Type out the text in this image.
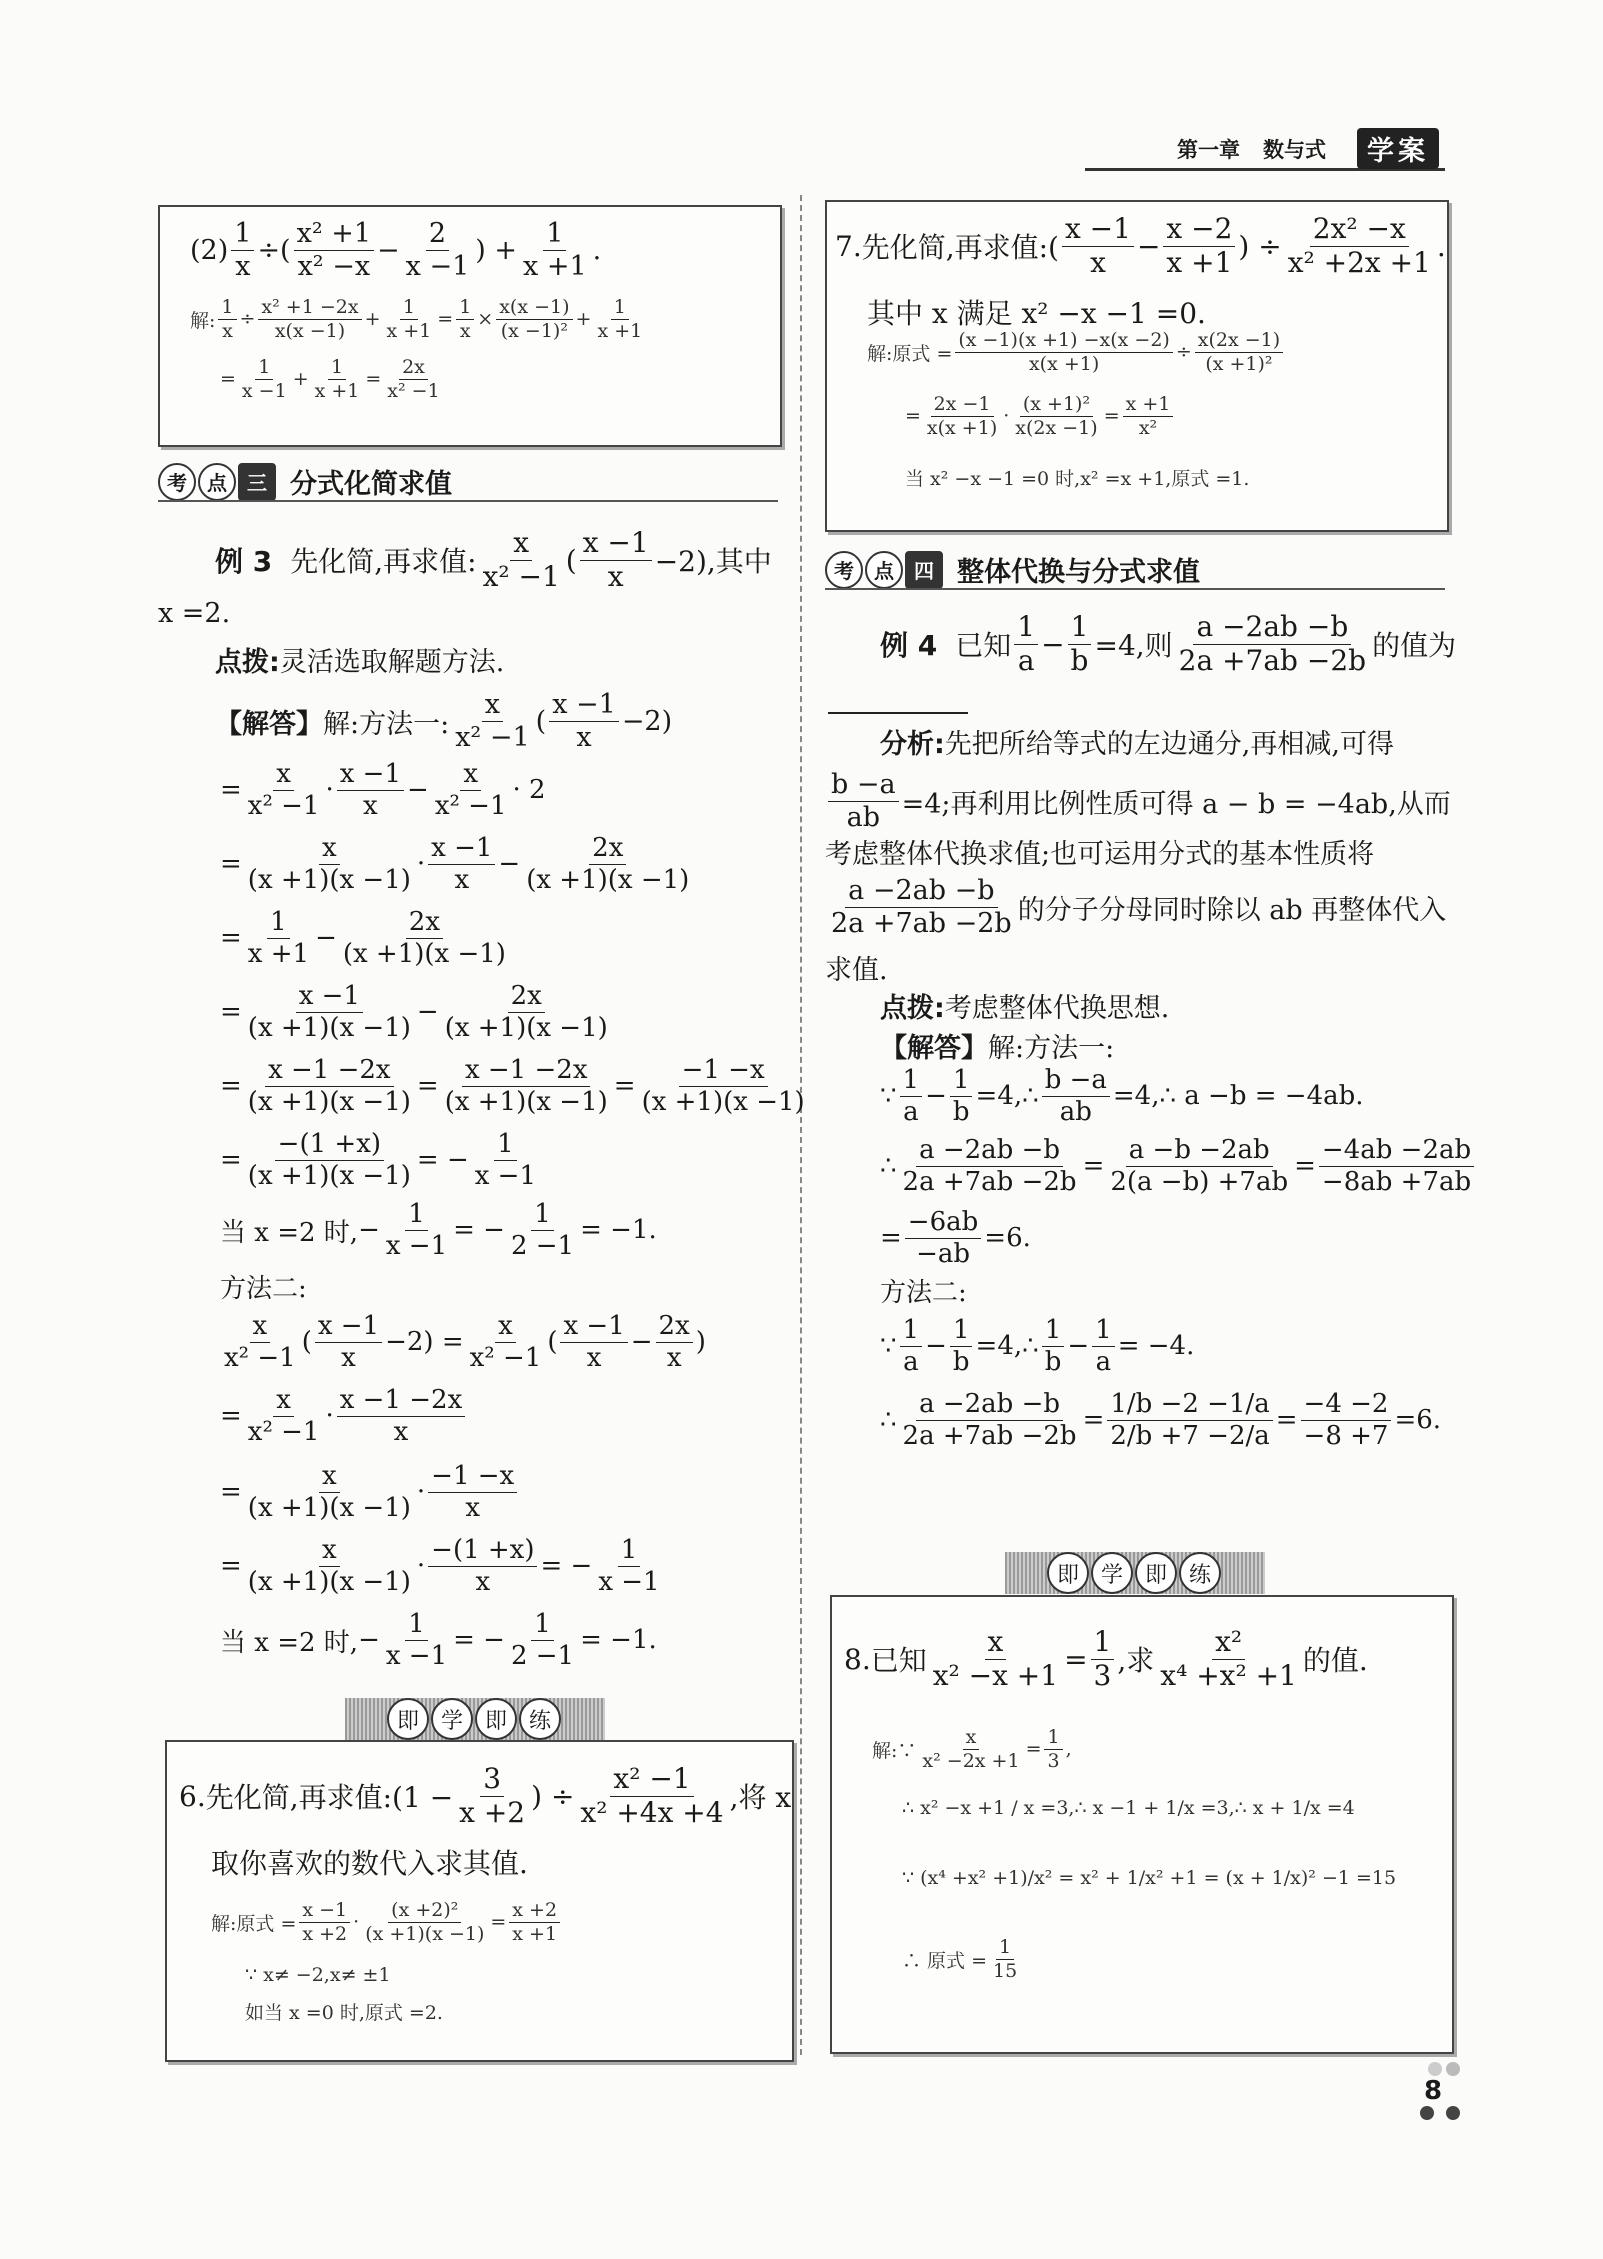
第一章 数与式	学案
$(2) \frac{1}{x}$ ÷( $\frac{\text{x² +1}}{\text{x² −x}} - \frac{2}{x -1}$ ) + $\frac{1}{x +1}$ .
解: $\frac{1}{x} \div \frac{\text{x² +1 −2x}}{x(x -1)} + \frac{1}{x +1} = \frac{1}{x} \times \frac{x(x -1)}{\text{(x −1)²}} + \frac{1}{x +1}$
= $\frac{1}{x -1} + \frac{1}{x +1} = \frac{2x}{\text{x² −1}}$
考	点	三 分式化简求值
例 3 先化简,再求值: $\frac{x}{\text{x² −1}}$ ( $\frac{x -1}{x} -2$),其中
x =2.
点拨: 灵活选取解题方法.
【解答】 解:方法一: $\frac{x}{\text{x² −1}}$ ( $\frac{x -1}{x} -2$)
= $\frac{x}{\text{x² −1}} \cdot \frac{x -1}{x} - \frac{x}{\text{x² −1}} \cdot 2$
= $\frac{x}{(x +1)(x -1)} \cdot \frac{x -1}{x} - \frac{2x}{(x +1)(x -1)}$
= $\frac{1}{x +1} - \frac{2x}{(x +1)(x -1)}$
= $\frac{x -1}{(x +1)(x -1)} - \frac{2x}{(x +1)(x -1)}$
= $\frac{x -1 -2x}{(x +1)(x -1)} = \frac{x -1 -2x}{(x +1)(x -1)} = \frac{-1 -x}{(x +1)(x -1)}$
= $\frac{-(1 +x)}{(x +1)(x -1)}$ = − $\frac{1}{x -1}$
当 x =2 时, − $\frac{1}{x -1}$ = − $\frac{1}{2 -1} = -1$.
方法二:
$\frac{x}{\text{x² −1}}$ ( $\frac{x -1}{x} -2) = \frac{x}{\text{x² −1}}$ ( $\frac{x -1}{x} - \frac{2x}{x}$ )
= $\frac{x}{\text{x² −1}} \cdot \frac{x -1 -2x}{x}$
= $\frac{x}{(x +1)(x -1)} \cdot \frac{-1 -x}{x}$
= $\frac{x}{(x +1)(x -1)} \cdot \frac{-(1 +x)}{x}$ = − $\frac{1}{x -1}$
当 x =2 时, − $\frac{1}{x -1}$ = − $\frac{1}{2 -1} = -1$.
即 学 即 练
6. 先化简,再求值:(1 − $\frac{3}{x +2}$ ) ÷ $\frac{\text{x² −1}}{\text{x² +4x +4}}$ ,将 x
取你喜欢的数代入求其值.
解:原式 = $\frac{x -1}{x +2} \cdot \frac{\text{(x +2)²}}{(x +1)(x -1)} = \frac{x +2}{x +1}$
∵ x≠ −2,x≠ ±1
如当 x =0 时,原式 =2.
7. 先化简,再求值:( $\frac{x -1}{x} - \frac{x -2}{x +1}$ ) ÷ $\frac{\text{2x² −x}}{\text{x² +2x +1}}$ .
其中 x 满足 x² −x −1 =0.
解:原式 = $\frac{(x -1)(x +1) -x(x -2)}{x(x +1)} \div \frac{x(2x -1)}{\text{(x +1)²}}$
= $\frac{2x -1}{x(x +1)} \cdot \frac{\text{(x +1)²}}{x(2x -1)} = \frac{x +1}{\text{x²}}$
当 x² −x −1 =0 时,x² =x +1,原式 =1.
考	点	四 整体代换与分式求值
例 4 已知 $\frac{1}{a} - \frac{1}{b} =4$,则 $\frac{a -2ab -b}{2a +7ab -2b}$ 的值为
分析: 先把所给等式的左边通分,再相减,可得
$\frac{b -a}{ab} =4$;再利用比例性质可得 a − b = −4ab,从而
考虑整体代换求值;也可运用分式的基本性质将
$\frac{a -2ab -b}{2a +7ab -2b}$ 的分子分母同时除以 ab 再整体代入
求值.
点拨: 考虑整体代换思想.
【解答】 解:方法一:
∵ $\frac{1}{a} - \frac{1}{b}$ =4,∴ $\frac{b -a}{ab}$ =4,∴ a −b = −4ab.
∴ $\frac{a -2ab -b}{2a +7ab -2b} = \frac{a -b -2ab}{2(a -b) +7ab} = \frac{-4ab -2ab}{-8ab +7ab}$
= $\frac{-6ab}{-ab} =6$.
方法二:
∵ $\frac{1}{a} - \frac{1}{b}$ =4,∴ $\frac{1}{b} - \frac{1}{a} = -4$.
∴ $\frac{a -2ab -b}{2a +7ab -2b} = \frac{1/b -2 -1/a}{2/b +7 -2/a} = \frac{-4 -2}{-8 +7} =6$.
即 学 即 练
8. 已知 $\frac{x}{\text{x² −x +1}} = \frac{1}{3}$ ,求 $\frac{\text{x²}}{\text{x⁴ +x² +1}}$ 的值.
解:∵ $\frac{x}{\text{x² −2x +1}} = \frac{1}{3}$ ,
∴ x² −x +1 / x =3,∴ x −1 + 1/x =3,∴ x + 1/x =4
∵ (x⁴ +x² +1)/x² = x² + 1/x² +1 = (x + 1/x)² −1 =15
∴ 原式 = $\frac{1}{15}$
8
